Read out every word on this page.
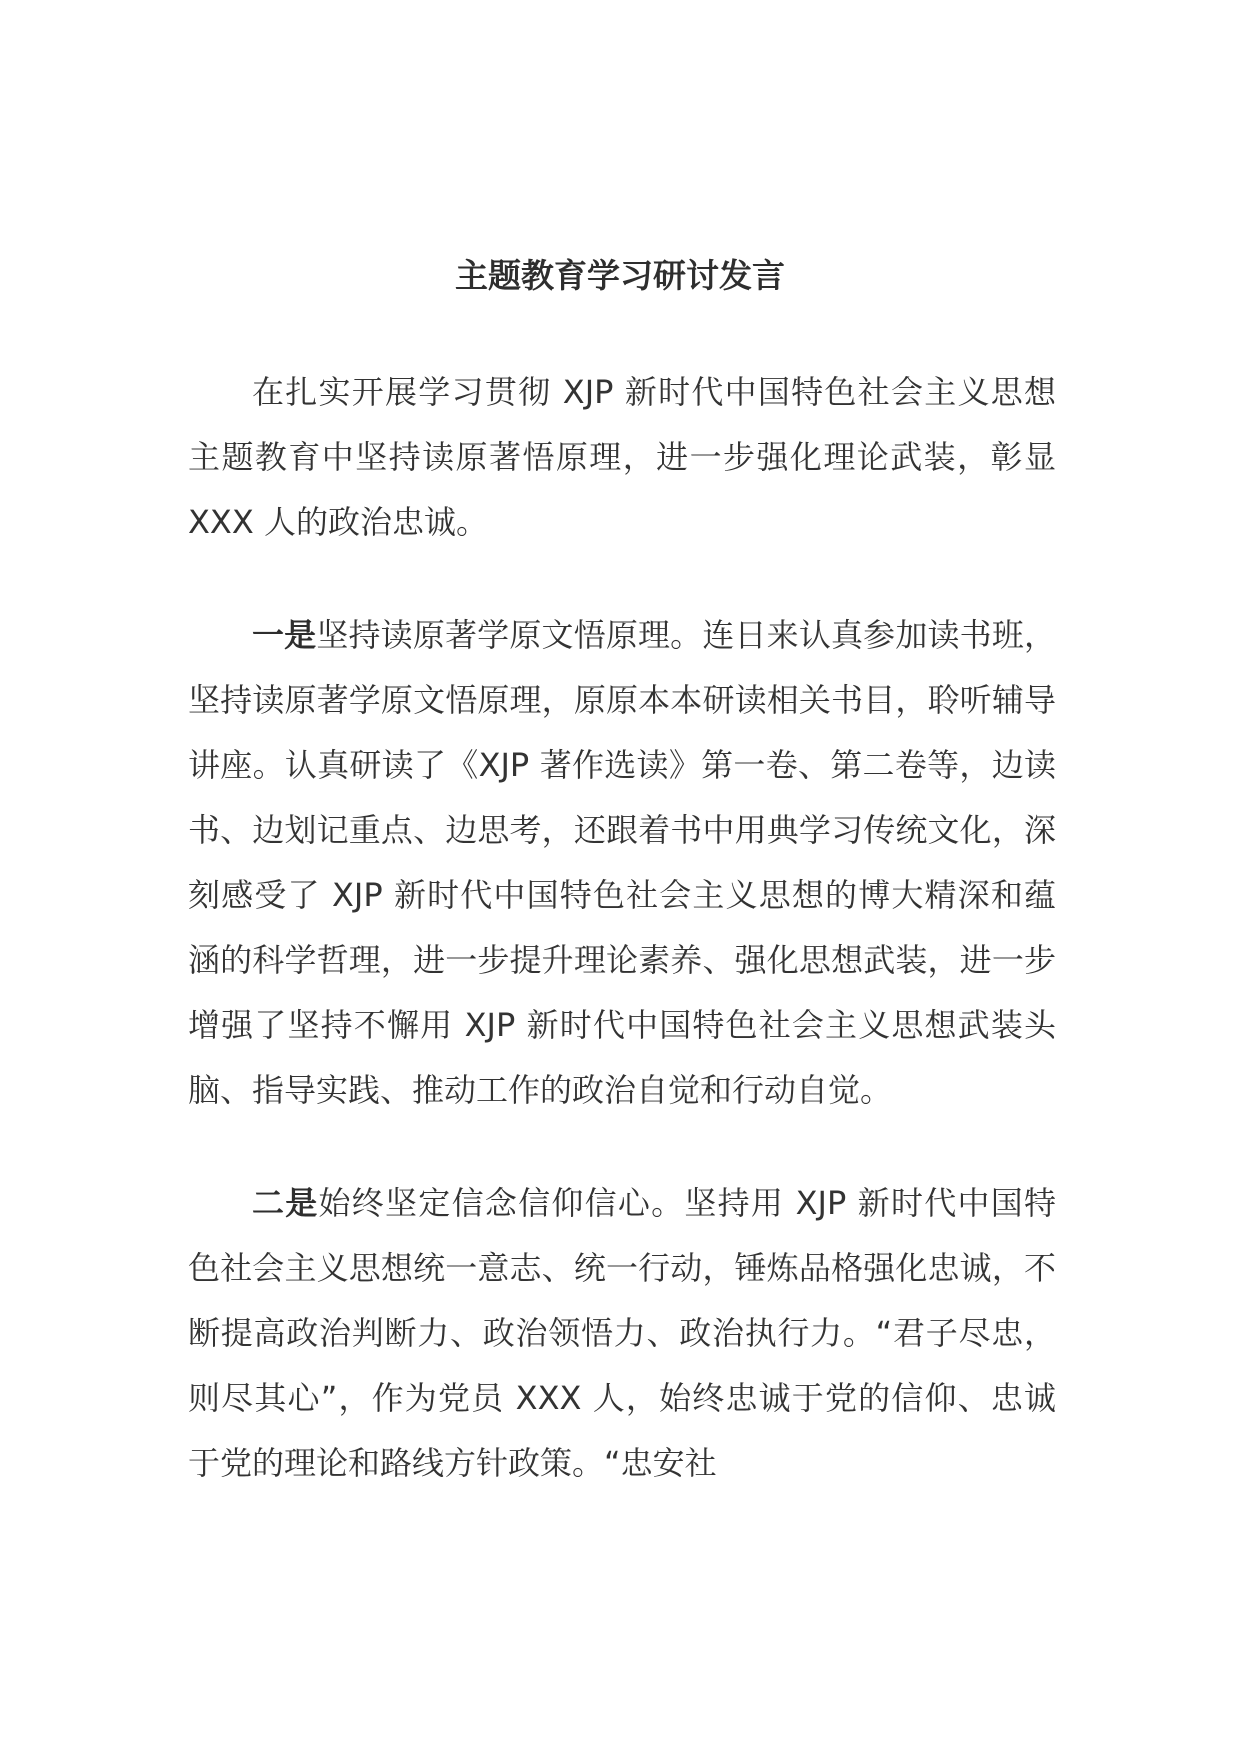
主题教育学习研讨发言

在扎实开展学习贯彻 XJP 新时代中国特色社会主义思想主题教育中坚持读原著悟原理，进一步强化理论武装，彰显 XXX 人的政治忠诚。

一是坚持读原著学原文悟原理。连日来认真参加读书班，坚持读原著学原文悟原理，原原本本研读相关书目，聆听辅导讲座。认真研读了《XJP 著作选读》第一卷、第二卷等，边读书、边划记重点、边思考，还跟着书中用典学习传统文化，深刻感受了 XJP 新时代中国特色社会主义思想的博大精深和蕴涵的科学哲理，进一步提升理论素养、强化思想武装，进一步增强了坚持不懈用 XJP 新时代中国特色社会主义思想武装头脑、指导实践、推动工作的政治自觉和行动自觉。

二是始终坚定信念信仰信心。坚持用 XJP 新时代中国特色社会主义思想统一意志、统一行动，锤炼品格强化忠诚，不断提高政治判断力、政治领悟力、政治执行力。“君子尽忠，则尽其心”，作为党员 XXX 人，始终忠诚于党的信仰、忠诚于党的理论和路线方针政策。“忠安社
